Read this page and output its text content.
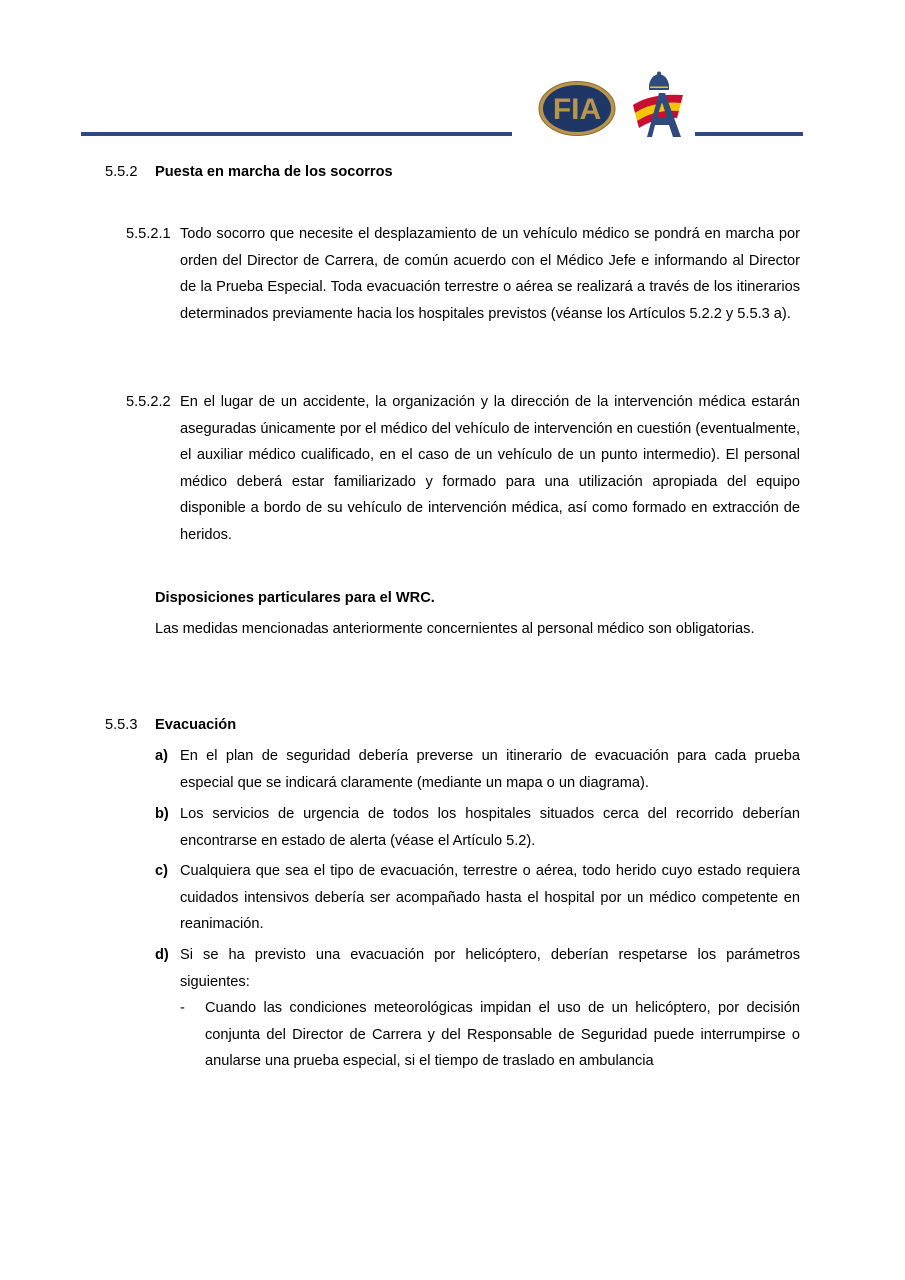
FIA
A
5.5.2 Puesta en marcha de los socorros
5.5.2.1 Todo socorro que necesite el desplazamiento de un vehículo médico se pondrá en marcha por orden del Director de Carrera, de común acuerdo con el Médico Jefe e informando al Director de la Prueba Especial. Toda evacuación terrestre o aérea se realizará a través de los itinerarios determinados previamente hacia los hospitales previstos (véanse los Artículos 5.2.2 y 5.5.3 a).
5.5.2.2 En el lugar de un accidente, la organización y la dirección de la intervención médica estarán aseguradas únicamente por el médico del vehículo de intervención en cuestión (eventualmente, el auxiliar médico cualificado, en el caso de un vehículo de un punto intermedio). El personal médico deberá estar familiarizado y formado para una utilización apropiada del equipo disponible a bordo de su vehículo de intervención médica, así como formado en extracción de heridos.
Disposiciones particulares para el WRC.
Las medidas mencionadas anteriormente concernientes al personal médico son obligatorias.
5.5.3 Evacuación
a) En el plan de seguridad debería preverse un itinerario de evacuación para cada prueba especial que se indicará claramente (mediante un mapa o un diagrama).
b) Los servicios de urgencia de todos los hospitales situados cerca del recorrido deberían encontrarse en estado de alerta (véase el Artículo 5.2).
c) Cualquiera que sea el tipo de evacuación, terrestre o aérea, todo herido cuyo estado requiera cuidados intensivos debería ser acompañado hasta el hospital por un médico competente en reanimación.
d) Si se ha previsto una evacuación por helicóptero, deberían respetarse los parámetros siguientes:
- Cuando las condiciones meteorológicas impidan el uso de un helicóptero, por decisión conjunta del Director de Carrera y del Responsable de Seguridad puede interrumpirse o anularse una prueba especial, si el tiempo de traslado en ambulancia
